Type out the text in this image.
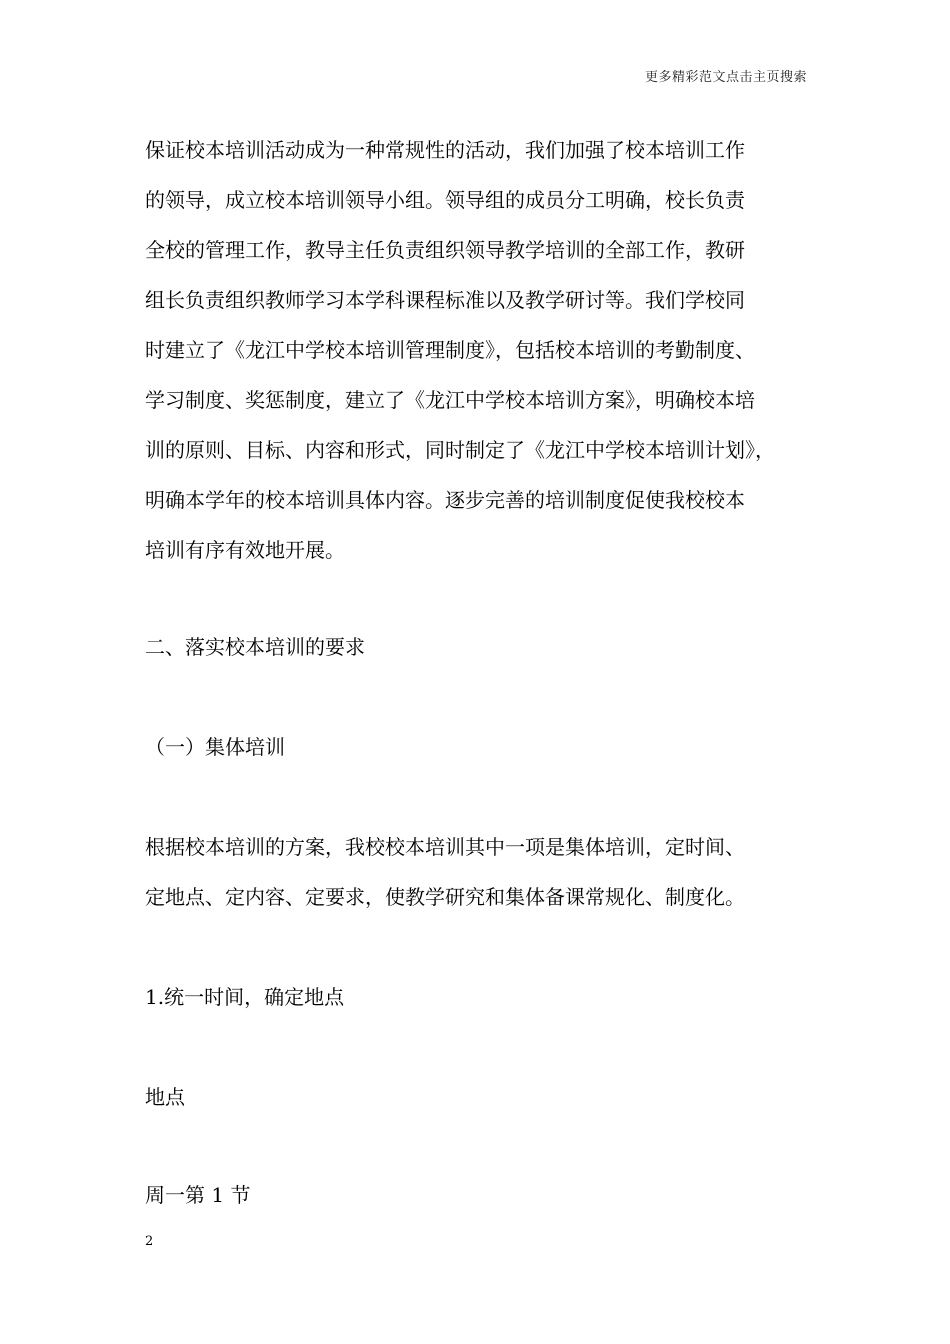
更多精彩范文点击主页搜索
保证校本培训活动成为一种常规性的活动，我们加强了校本培训工作
的领导，成立校本培训领导小组。领导组的成员分工明确，校长负责
全校的管理工作，教导主任负责组织领导教学培训的全部工作，教研
组长负责组织教师学习本学科课程标准以及教学研讨等。我们学校同
时建立了《龙江中学校本培训管理制度》，包括校本培训的考勤制度、
学习制度、奖惩制度，建立了《龙江中学校本培训方案》，明确校本培
训的原则、目标、内容和形式，同时制定了《龙江中学校本培训计划》，
明确本学年的校本培训具体内容。逐步完善的培训制度促使我校校本
培训有序有效地开展。
二、落实校本培训的要求
（一）集体培训
根据校本培训的方案，我校校本培训其中一项是集体培训，定时间、
定地点、定内容、定要求，使教学研究和集体备课常规化、制度化。
1.统一时间，确定地点
地点
周一第 1 节
2
